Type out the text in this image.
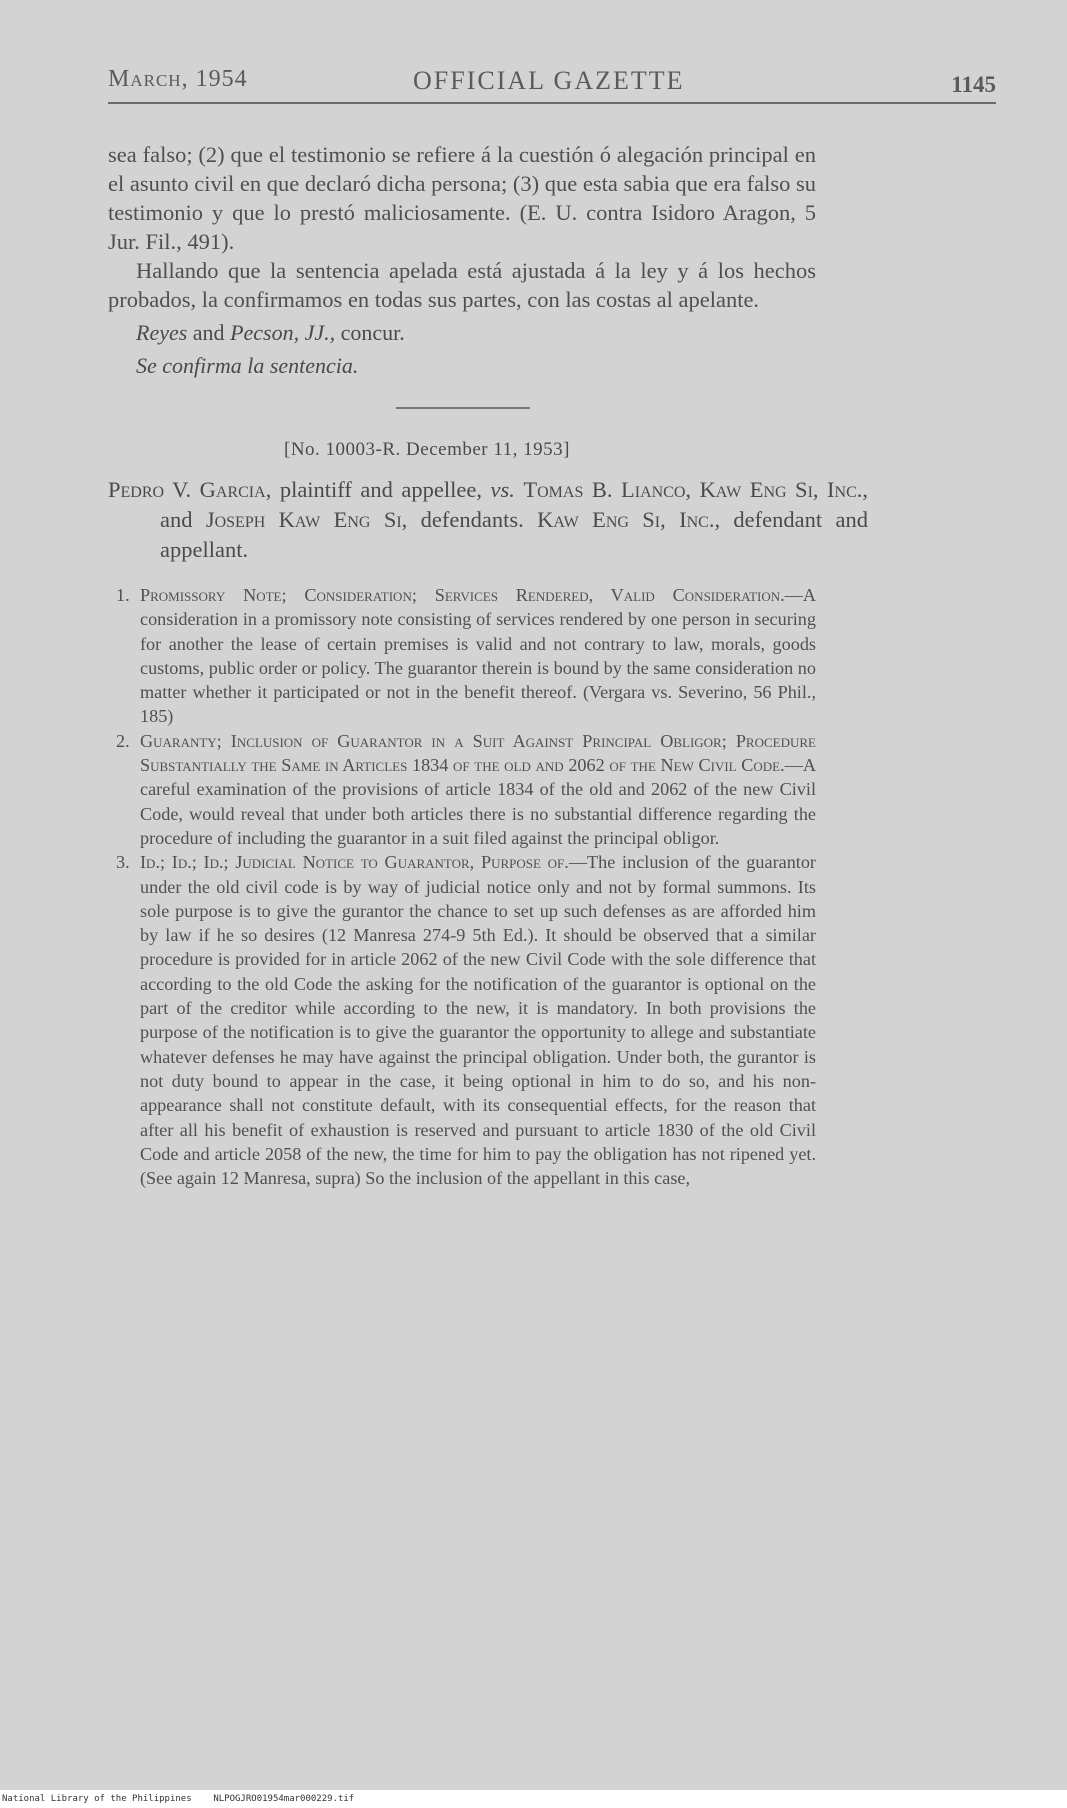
March, 1954	OFFICIAL GAZETTE	1145
sea falso; (2) que el testimonio se refiere á la cuestión ó alegación principal en el asunto civil en que declaró dicha persona; (3) que esta sabia que era falso su testimonio y que lo prestó maliciosamente. (E. U. contra Isidoro Aragon, 5 Jur. Fil., 491).
Hallando que la sentencia apelada está ajustada á la ley y á los hechos probados, la confirmamos en todas sus partes, con las costas al apelante.
Reyes and Pecson, JJ., concur.
Se confirma la sentencia.
[No. 10003-R. December 11, 1953]
Pedro V. Garcia, plaintiff and appellee, vs. Tomas B. Lianco, Kaw Eng Si, Inc., and Joseph Kaw Eng Si, defendants. Kaw Eng Si, Inc., defendant and appellant.
1. Promissory Note; Consideration; Services Rendered, Valid Consideration.—A consideration in a promissory note consisting of services rendered by one person in securing for another the lease of certain premises is valid and not contrary to law, morals, goods customs, public order or policy. The guarantor therein is bound by the same consideration no matter whether it participated or not in the benefit thereof. (Vergara vs. Severino, 56 Phil., 185)
2. Guaranty; Inclusion of Guarantor in a Suit Against Principal Obligor; Procedure Substantially the Same in Articles 1834 of the old and 2062 of the New Civil Code.—A careful examination of the provisions of article 1834 of the old and 2062 of the new Civil Code, would reveal that under both articles there is no substantial difference regarding the procedure of including the guarantor in a suit filed against the principal obligor.
3. Id.; Id.; Id.; Judicial Notice to Guarantor, Purpose of.—The inclusion of the guarantor under the old civil code is by way of judicial notice only and not by formal summons. Its sole purpose is to give the gurantor the chance to set up such defenses as are afforded him by law if he so desires (12 Manresa 274-9 5th Ed.). It should be observed that a similar procedure is provided for in article 2062 of the new Civil Code with the sole difference that according to the old Code the asking for the notification of the guarantor is optional on the part of the creditor while according to the new, it is mandatory. In both provisions the purpose of the notification is to give the guarantor the opportunity to allege and substantiate whatever defenses he may have against the principal obligation. Under both, the gurantor is not duty bound to appear in the case, it being optional in him to do so, and his non-appearance shall not constitute default, with its consequential effects, for the reason that after all his benefit of exhaustion is reserved and pursuant to article 1830 of the old Civil Code and article 2058 of the new, the time for him to pay the obligation has not ripened yet. (See again 12 Manresa, supra) So the inclusion of the appellant in this case,
National Library of the Philippines NLPOGJRO01954mar000229.tif
